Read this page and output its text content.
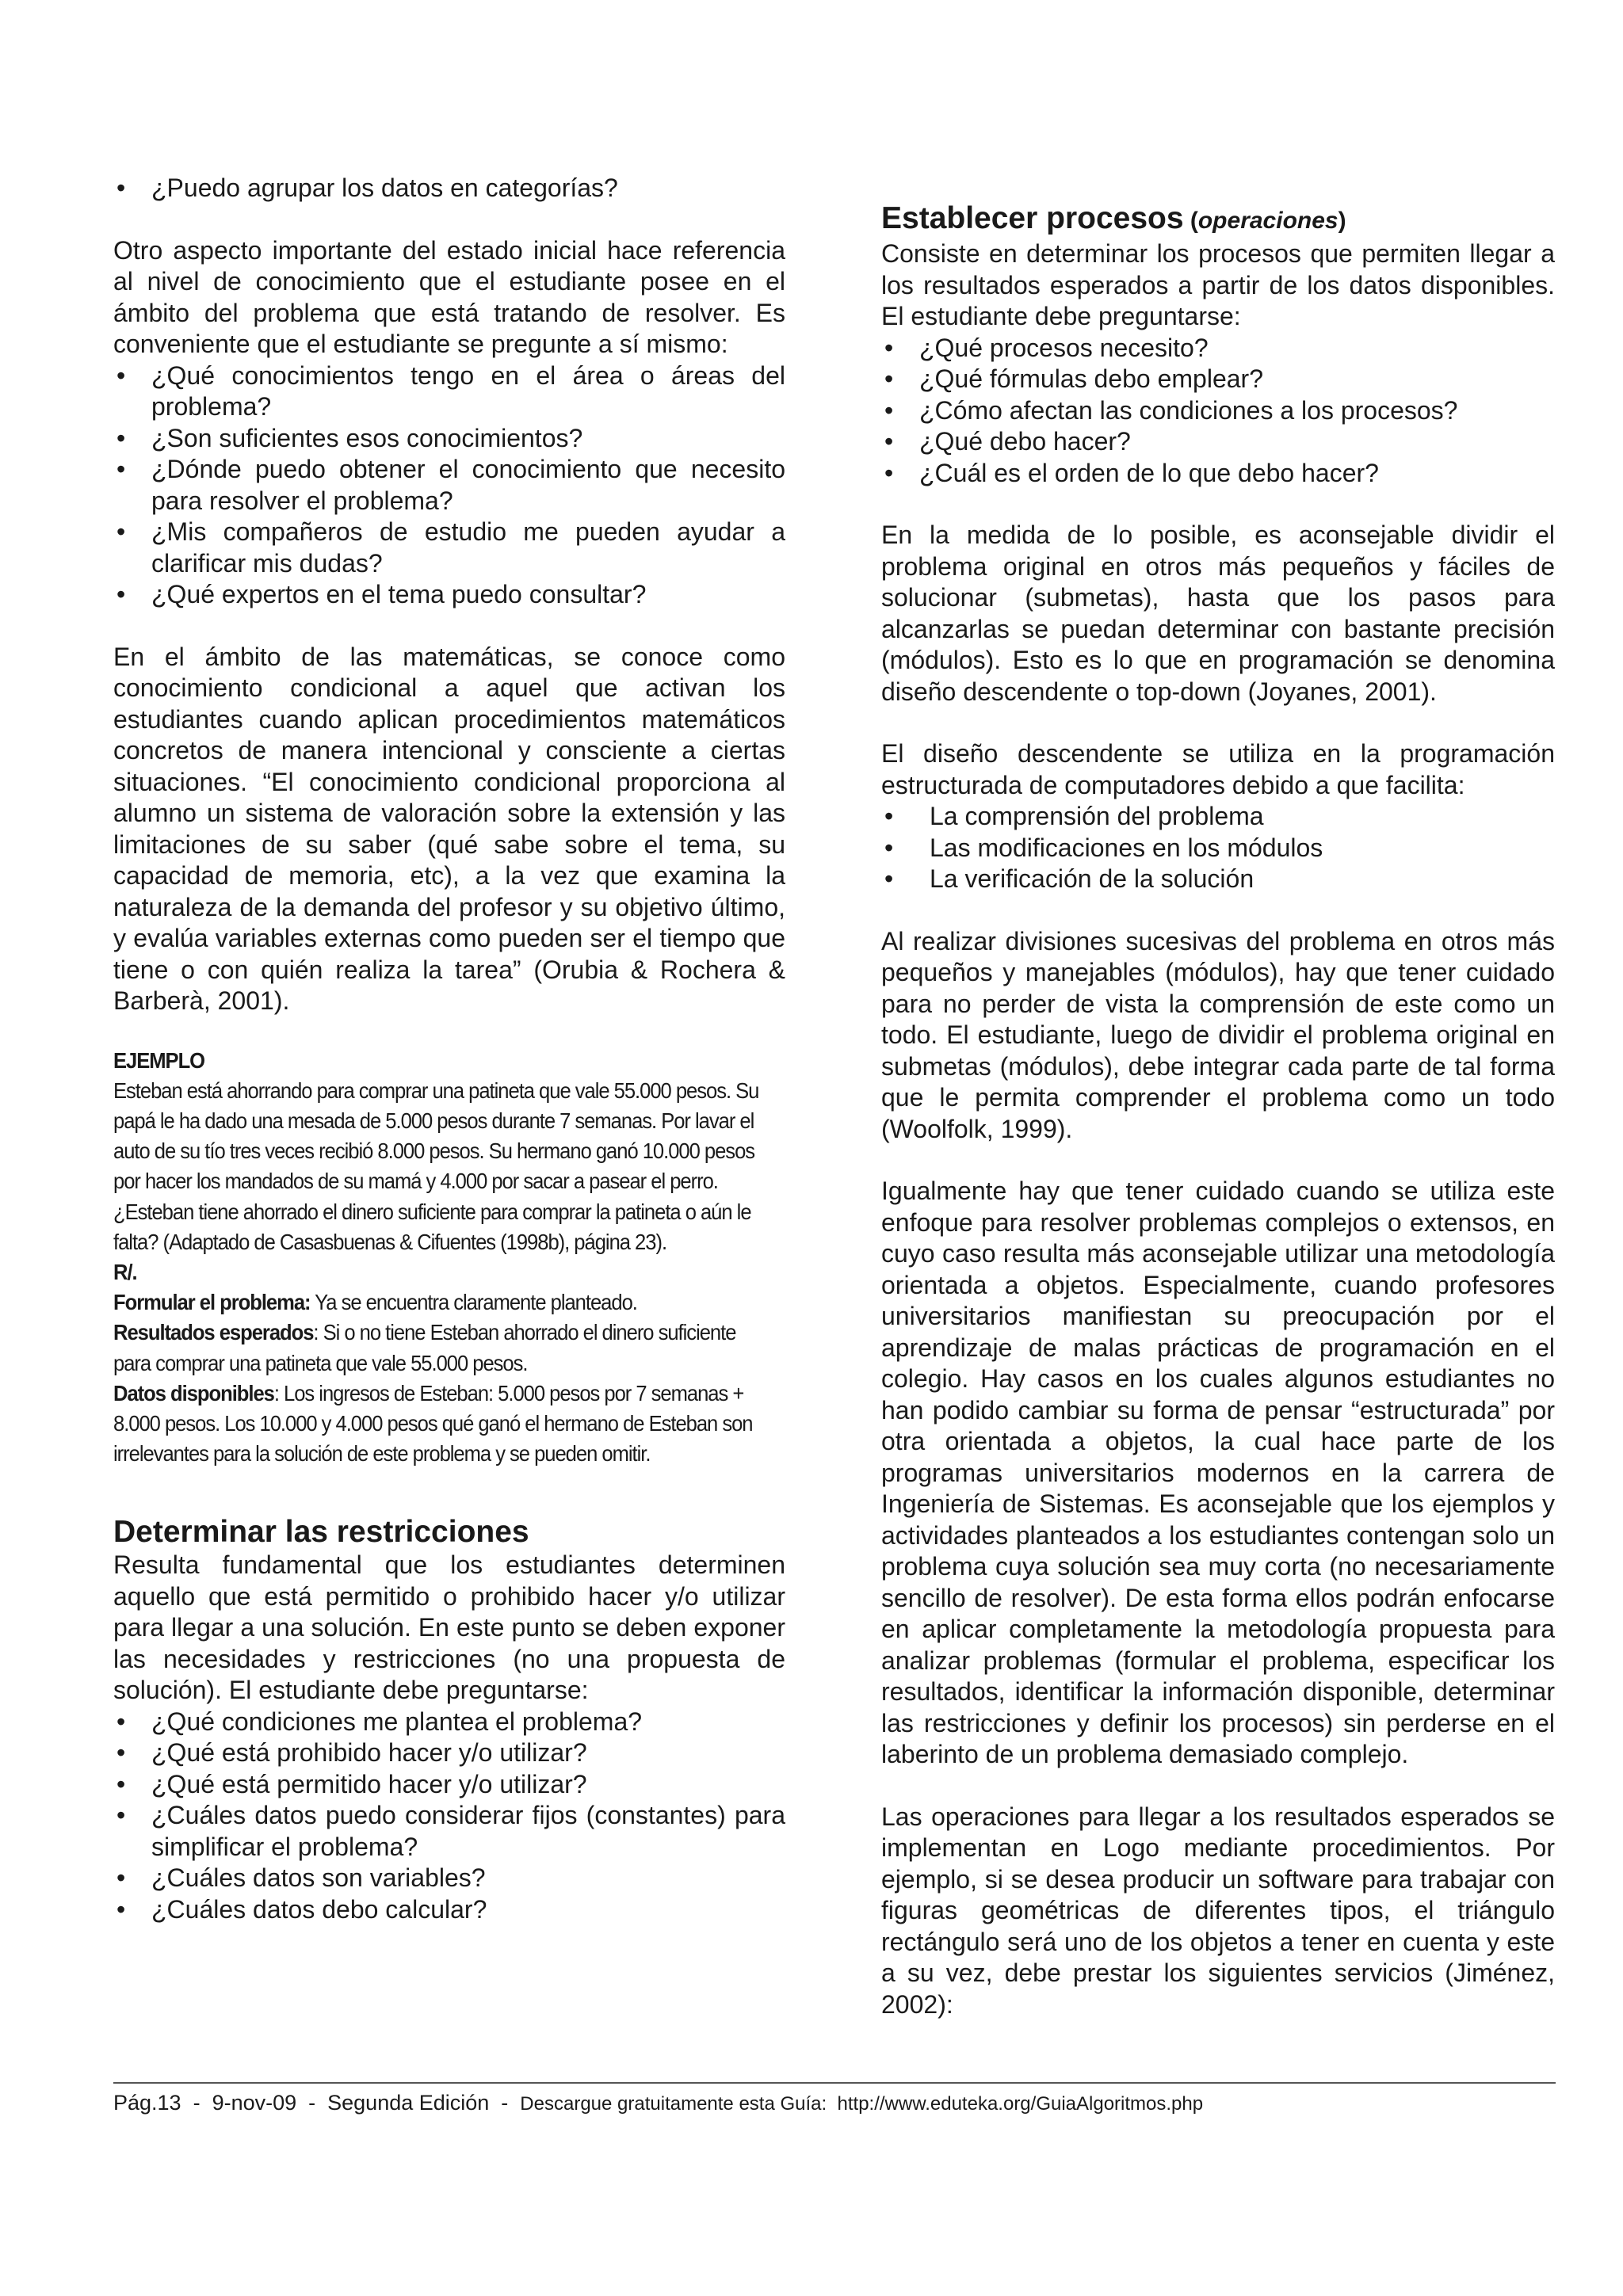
• ¿Puedo agrupar los datos en categorías?

Otro aspecto importante del estado inicial hace referencia al nivel de conocimiento que el estudiante posee en el ámbito del problema que está tratando de resolver. Es conveniente que el estudiante se pregunte a sí mismo:

• ¿Qué conocimientos tengo en el área o áreas del problema?
• ¿Son suficientes esos conocimientos?
• ¿Dónde puedo obtener el conocimiento que necesito para resolver el problema?
• ¿Mis compañeros de estudio me pueden ayudar a clarificar mis dudas?
• ¿Qué expertos en el tema puedo consultar?

En el ámbito de las matemáticas, se conoce como conocimiento condicional a aquel que activan los estudiantes cuando aplican procedimientos matemáticos concretos de manera intencional y consciente a ciertas situaciones. “El conocimiento condicional proporciona al alumno un sistema de valoración sobre la extensión y las limitaciones de su saber (qué sabe sobre el tema, su capacidad de memoria, etc), a la vez que examina la naturaleza de la demanda del profesor y su objetivo último, y evalúa variables externas como pueden ser el tiempo que tiene o con quién realiza la tarea” (Orubia & Rochera & Barberà, 2001).

EJEMPLO
Esteban está ahorrando para comprar una patineta que vale 55.000 pesos. Su papá le ha dado una mesada de 5.000 pesos durante 7 semanas. Por lavar el auto de su tío tres veces recibió 8.000 pesos. Su hermano ganó 10.000 pesos por hacer los mandados de su mamá y 4.000 por sacar a pasear el perro. ¿Esteban tiene ahorrado el dinero suficiente para comprar la patineta o aún le falta? (Adaptado de Casasbuenas & Cifuentes (1998b), página 23).
R/.
Formular el problema: Ya se encuentra claramente planteado.
Resultados esperados: Si o no tiene Esteban ahorrado el dinero suficiente para comprar una patineta que vale 55.000 pesos.
Datos disponibles: Los ingresos de Esteban: 5.000 pesos por 7 semanas + 8.000 pesos. Los 10.000 y 4.000 pesos qué ganó el hermano de Esteban son irrelevantes para la solución de este problema y se pueden omitir.
Determinar las restricciones

Resulta fundamental que los estudiantes determinen aquello que está permitido o prohibido hacer y/o utilizar para llegar a una solución. En este punto se deben exponer las necesidades y restricciones (no una propuesta de solución). El estudiante debe preguntarse:

• ¿Qué condiciones me plantea el problema?
• ¿Qué está prohibido hacer y/o utilizar?
• ¿Qué está permitido hacer y/o utilizar?
• ¿Cuáles datos puedo considerar fijos (constantes) para simplificar el problema?
• ¿Cuáles datos son variables?
• ¿Cuáles datos debo calcular?
Establecer procesos (operaciones)

Consiste en determinar los procesos que permiten llegar a los resultados esperados a partir de los datos disponibles. El estudiante debe preguntarse:

• ¿Qué procesos necesito?
• ¿Qué fórmulas debo emplear?
• ¿Cómo afectan las condiciones a los procesos?
• ¿Qué debo hacer?
• ¿Cuál es el orden de lo que debo hacer?

En la medida de lo posible, es aconsejable dividir el problema original en otros más pequeños y fáciles de solucionar (submetas), hasta que los pasos para alcanzarlas se puedan determinar con bastante precisión (módulos). Esto es lo que en programación se denomina diseño descendente o top-down (Joyanes, 2001).

El diseño descendente se utiliza en la programación estructurada de computadores debido a que facilita:

• La comprensión del problema
• Las modificaciones en los módulos
• La verificación de la solución

Al realizar divisiones sucesivas del problema en otros más pequeños y manejables (módulos), hay que tener cuidado para no perder de vista la comprensión de este como un todo. El estudiante, luego de dividir el problema original en submetas (módulos), debe integrar cada parte de tal forma que le permita comprender el problema como un todo (Woolfolk, 1999).

Igualmente hay que tener cuidado cuando se utiliza este enfoque para resolver problemas complejos o extensos, en cuyo caso resulta más aconsejable utilizar una metodología orientada a objetos. Especialmente, cuando profesores universitarios manifiestan su preocupación por el aprendizaje de malas prácticas de programación en el colegio. Hay casos en los cuales algunos estudiantes no han podido cambiar su forma de pensar “estructurada” por otra orientada a objetos, la cual hace parte de los programas universitarios modernos en la carrera de Ingeniería de Sistemas. Es aconsejable que los ejemplos y actividades planteados a los estudiantes contengan solo un problema cuya solución sea muy corta (no necesariamente sencillo de resolver). De esta forma ellos podrán enfocarse en aplicar completamente la metodología propuesta para analizar problemas (formular el problema, especificar los resultados, identificar la información disponible, determinar las restricciones y definir los procesos) sin perderse en el laberinto de un problema demasiado complejo.

Las operaciones para llegar a los resultados esperados se implementan en Logo mediante procedimientos. Por ejemplo, si se desea producir un software para trabajar con figuras geométricas de diferentes tipos, el triángulo rectángulo será uno de los objetos a tener en cuenta y este a su vez, debe prestar los siguientes servicios (Jiménez, 2002):

Pág.13  -  9-nov-09  -  Segunda Edición  -  Descargue gratuitamente esta Guía:  http://www.eduteka.org/GuiaAlgoritmos.php
